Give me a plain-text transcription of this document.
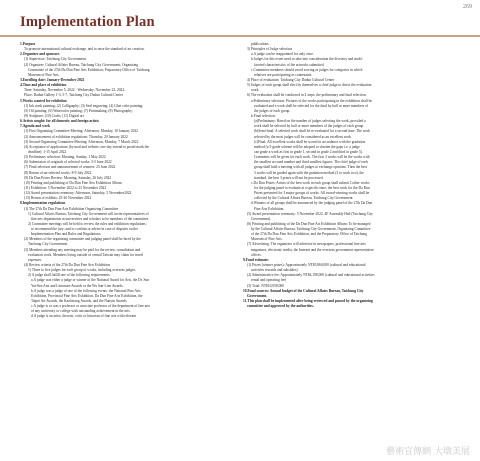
269
Implementation Plan
1.Purpose
To promote international cultural exchange, and to raise the standard of art creation.
2.Organizer and sponsors
(1) Supervisor: Taichung City Government.
(2) Organizer: Cultural Affairs Bureau, Taichung City Government; Organizing
Committee of the 27th Da Dun Fine Arts Exhibition; Preparatory Office of Taichung
Museum of Fine Arts.
3.Enrolling date: January-December 2022
4.Time and place of exhibition
Time: Saturday, November 5, 2022 - Wednesday, November 23, 2022.
Place: Dadun Gallery 1-3, 5-7, Taichung City Dadun Cultural Center
5.Works wanted for exhibition
(1) Ink wash painting; (2) Calligraphy; (3) Seal engraving; (4) Glue color painting;
(5) Oil painting; (6) Watercolor painting; (7) Printmaking; (8) Photography;
(9) Sculpture; (10) Crafts; (11) Digital art
6.Artists sought: for all domestic and foreign artists
7.Agenda and work
(1) First Organizing Committee Meeting: Afternoon, Monday, 10 January 2022
(2) Announcement of exhibition regulations: Thursday, 20 January 2022
(3) Second Organizing Committee Meeting: Afternoon, Monday, 7 March 2022
(4) Acceptance of applications (by mail and website, one day extend to postal mark the
deadline): 1-15 April 2022
(5) Preliminary selection: Morning, Sunday, 1 May 2022
(6) Submission of originals of selected works: 3-5 June 2022
(7) Final selection and announcement of winners: 25 June 2022
(8) Return of un-selected works: 8-9 July 2022
(9) Da Dun Prizes Review: Morning, Saturday, 26 July 2022
(10) Printing and publishing of Da Dun Fine Arts Exhibition Album
(11) Exhibition: 5 November 2022 to 23 November 2022
(12) Award presentation ceremony: Afternoon, Saturday, 5 November2022
(13) Return of exhibits: 25-26 November 2022
8.Implementation regulations
(1) The 27th Da Dun Fine Arts Exhibition Organizing Committee
1) Cultural Affairs Bureau, Taichung City Government will invite representatives of
fine arts departments at universities and scholars to be members of the committee.
2) Committee meetings will be held to review the rules and exhibition regulations;
to recommend the jury; and to confirm or advise in case of disputes on the
Implementation Plan and Rules and Regulations.
(2) Members of the organizing committee and judging panel shall be hired by the
Taichung City Government.
(3) Members attending any meeting may be paid for the review, consultation and
evaluation work. Members living outside of central Taiwan may claim for travel
expenses.
(4) Review criteria of the 27th Da Dun Fine Arts Exhibition
1) Three to five judges for each group of works, including overseas judges.
2) A judge shall fulfill one of the following requirements:
a.A judge was either a judge or winner of the National Award for Arts, the Dr. Sun
Yat-Sen Arts and Literature Awards or the Wu San-Lien Awards.
b.A judge was a judge of one of the following events: the National Fine Arts
Exhibition, Provincial Fine Arts Exhibition, Da Dun Fine Arts Exhibition, the
Taipei Art Awards, the Kaohsiung Awards, and the Nanyin Awards.
c.A judge is or was a professor or associate professor of the department of fine arts
of any university or college with outstanding achievement in the arts.
d.A judge is an artist, theorist, critic or historian of fine arts with relevant
publications.
3) Principles of Judge selection
a.A judge can be reappointed for only once.
b.Judges for this event need to take into consideration the diversity and multi-
faceted characteristics of the artworks submitted.
c.Committee members should avoid serving as judges for categories in which
relatives are participating as contestants.
4) Place of evaluation: Taichung City Dadun Cultural Center
5) Judges of each group shall elect by themselves a chief judge to direct the evaluation
work.
6) The evaluation shall be conducted in 2 steps: the preliminary and final selection.
a.Preliminary selection: Pictures of the works participating in the exhibition shall be
evaluated and a work shall be selected for the final by half or more members of
the judges of each group.
b.Final selection:
(a)Preliminary: Based on the number of judges selecting the work, provided a
work shall be selected by half or more members of the judges of each group.
(b)Semi-final: A selected work shall be re-evaluated for a second time. The work
selected by the most judges will be considered as an excellent work.
(c)Final: All excellent works shall be scored in accordance with the gradation
method (a 5-grade scheme will be adopted to shorten the gaps i.e. a judge
can grade a work as first in grade 1, second in grade 2 and third in grade 3).
Comments will be given for each work. The first 3 works will be the works with
the smallest accrued number and third smallest figures. The chief judge of each
group shall hold a meeting with all judges to exchange opinions. Then the best
3 works will be graded again with the gradation method (3 to work two), the
standard, the best 3 prizes will not be processed.
c.Da Dun Prizes: Artists of the best work in each group shall submit 3 other works
for the judging panel to evaluate at a specific time; the best work for the Da Dun
Prizes presented for 3 major groups of works. All award-winning works shall be
collected by the Cultural Affairs Bureau, Taichung City Government.
d.Winners of all groups shall be announced by the judging panel of the 27th Da Dun
Fine Arts Exhibition.
(5) Award presentation ceremony: 5 November 2022, 4F Assembly Hall (Taichung City
Government).
(6) Printing and publishing of the Da Dun Fine Art Exhibition Album: To be managed
by the Cultural Affairs Bureau, Taichung City Government, Organizing Committee
of the 27th Da Dun Fine Arts Exhibition, and the Preparatory Office of Taichung
Museum of Fine Arts.
(7) Advertising: The organizers will advertise in newspapers, professional fine arts
magazines, electronic media, the Internet and the overseas government representative
offices.
9.Fund estimate:
(1) Prizes (winner prizes): Approximately NT$5,860,000 (cultural and educational
activities rewards and subsidies)
(2) Administrative fee: Approximately NT$4,198,000 (cultural and educational activities
rental and operating fee)
(3) Total: NT$10,058,000
10.Fund sources: Annual budget of the Cultural Affairs Bureau, Taichung City
Government.
11.This plan shall be implemented after being reviewed and passed by the organizing
committee and approved by the authorities.
藝術宣傳網 大墩美展
